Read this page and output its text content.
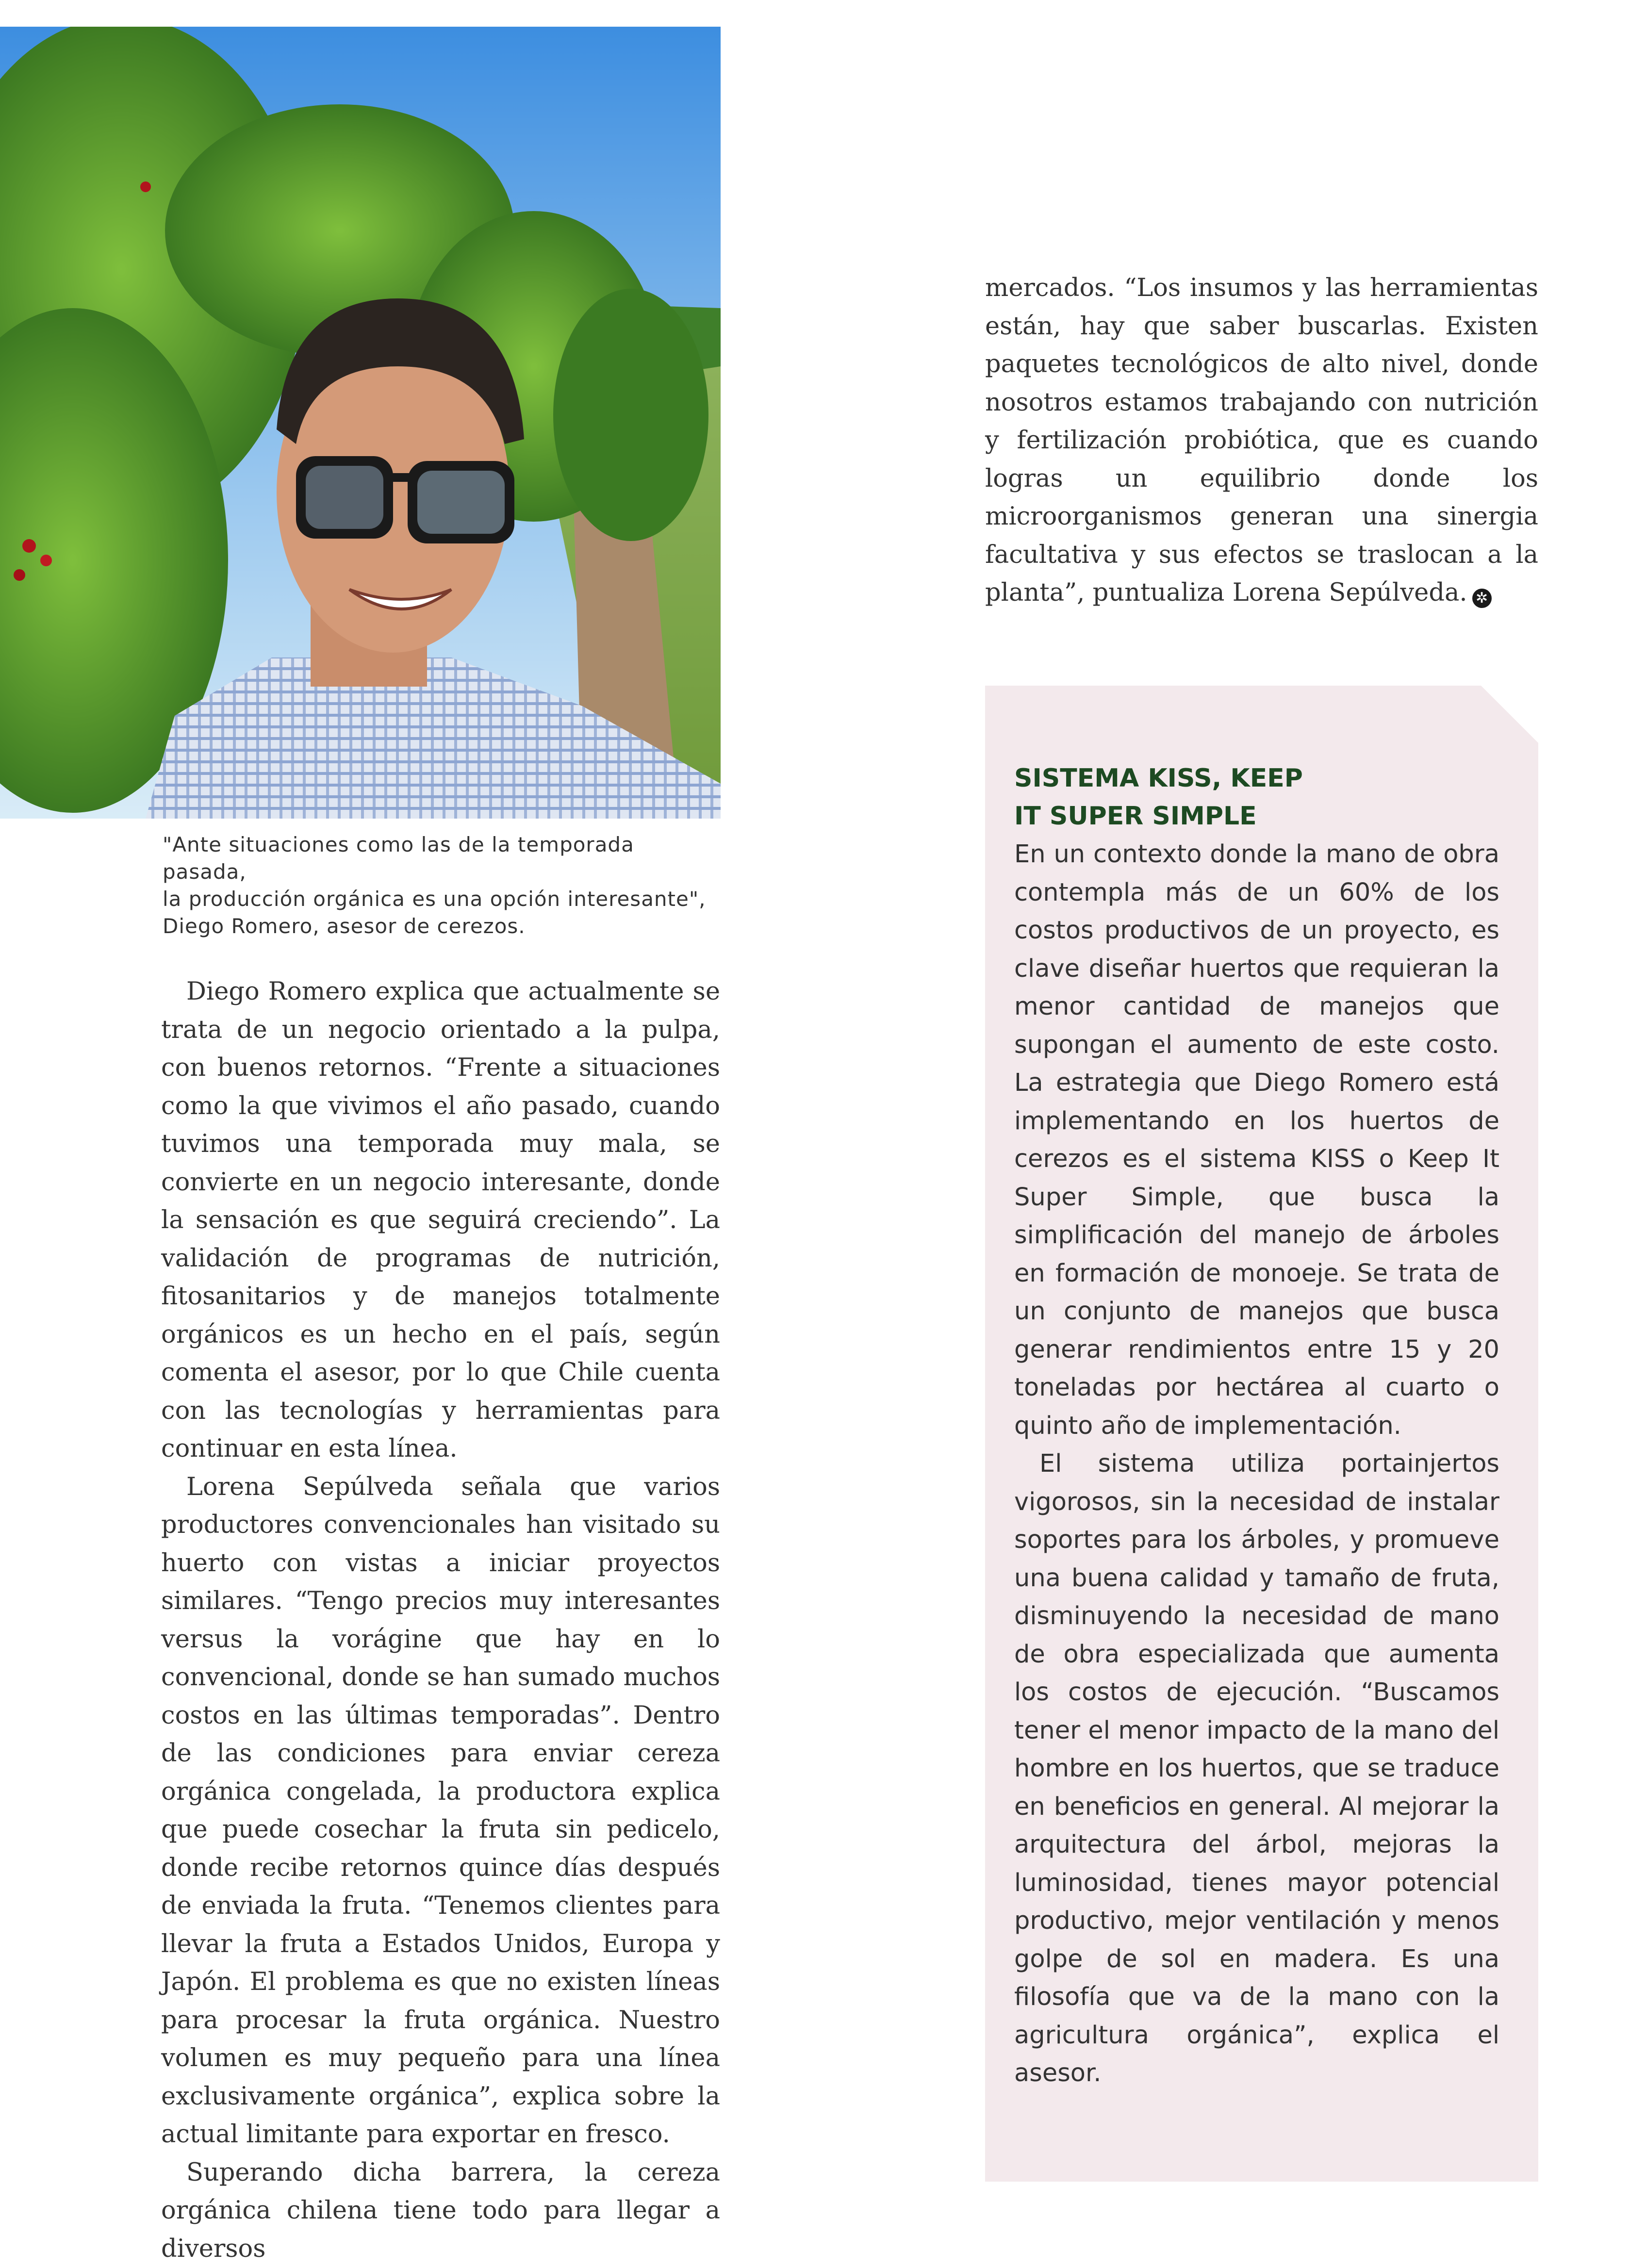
"Ante situaciones como las de la temporada pasada,
la producción orgánica es una opción interesante",
Diego Romero, asesor de cerezos.

Diego Romero explica que actualmente se trata de un negocio orientado a la pulpa, con buenos retornos. “Frente a situaciones como la que vivimos el año pasado, cuando tuvimos una temporada muy mala, se convierte en un negocio interesante, donde la sensación es que seguirá creciendo”. La validación de programas de nutrición, fitosanitarios y de manejos totalmente orgánicos es un hecho en el país, según comenta el asesor, por lo que Chile cuenta con las tecnologías y herramientas para continuar en esta línea.

Lorena Sepúlveda señala que varios productores convencionales han visitado su huerto con vistas a iniciar proyectos similares. “Tengo precios muy interesantes versus la vorágine que hay en lo convencional, donde se han sumado muchos costos en las últimas temporadas”. Dentro de las condiciones para enviar cereza orgánica congelada, la productora explica que puede cosechar la fruta sin pedicelo, donde recibe retornos quince días después de enviada la fruta. “Tenemos clientes para llevar la fruta a Estados Unidos, Europa y Japón. El problema es que no existen líneas para procesar la fruta orgánica. Nuestro volumen es muy pequeño para una línea exclusivamente orgánica”, explica sobre la actual limitante para exportar en fresco.

Superando dicha barrera, la cereza orgánica chilena tiene todo para llegar a diversos

mercados. “Los insumos y las herramientas están, hay que saber buscarlas. Existen paquetes tecnológicos de alto nivel, donde nosotros estamos trabajando con nutrición y fertilización probiótica, que es cuando logras un equilibrio donde los microorganismos generan una sinergia facultativa y sus efectos se traslocan a la planta”, puntualiza Lorena Sepúlveda. ✲

SISTEMA KISS, KEEP
IT SUPER SIMPLE

En un contexto donde la mano de obra contempla más de un 60% de los costos productivos de un proyecto, es clave diseñar huertos que requieran la menor cantidad de manejos que supongan el aumento de este costo. La estrategia que Diego Romero está implementando en los huertos de cerezos es el sistema KISS o Keep It Super Simple, que busca la simplificación del manejo de árboles en formación de monoeje. Se trata de un conjunto de manejos que busca generar rendimientos entre 15 y 20 toneladas por hectárea al cuarto o quinto año de implementación.

El sistema utiliza portainjertos vigorosos, sin la necesidad de instalar soportes para los árboles, y promueve una buena calidad y tamaño de fruta, disminuyendo la necesidad de mano de obra especializada que aumenta los costos de ejecución. “Buscamos tener el menor impacto de la mano del hombre en los huertos, que se traduce en beneficios en general. Al mejorar la arquitectura del árbol, mejoras la luminosidad, tienes mayor potencial productivo, mejor ventilación y menos golpe de sol en madera. Es una filosofía que va de la mano con la agricultura orgánica”, explica el asesor.
